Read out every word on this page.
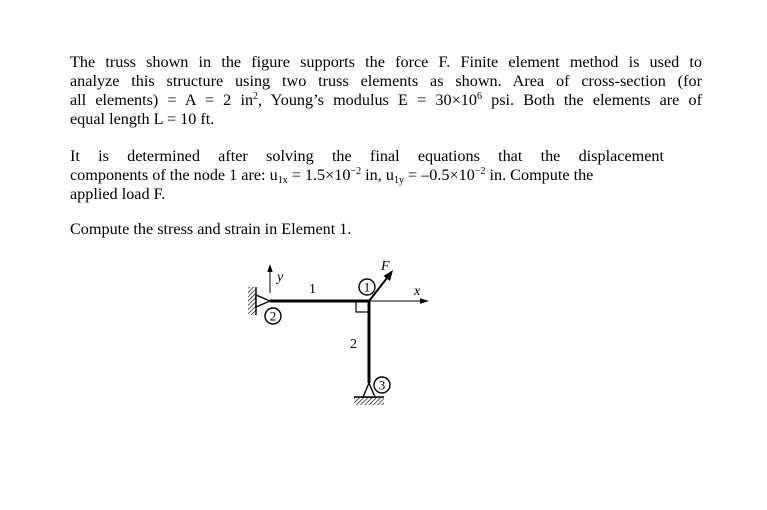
The truss shown in the figure supports the force F. Finite element method is used to
analyze this structure using two truss elements as shown. Area of cross-section (for
all elements) = A = 2 $in^2$, Young’s modulus $E = 30\times 10^6$ psi. Both the elements are of
equal length L = 10 ft.
It is determined after solving the final equations that the displacement
components of the node 1 are: $u_{1x} = 1.5\times 10^{-2}$ in, $u_{1y} = -0.5\times 10^{-2}$ in. Compute the
applied load F.
Compute the stress and strain in Element 1.
y
x
F
1
2
1
2
3
